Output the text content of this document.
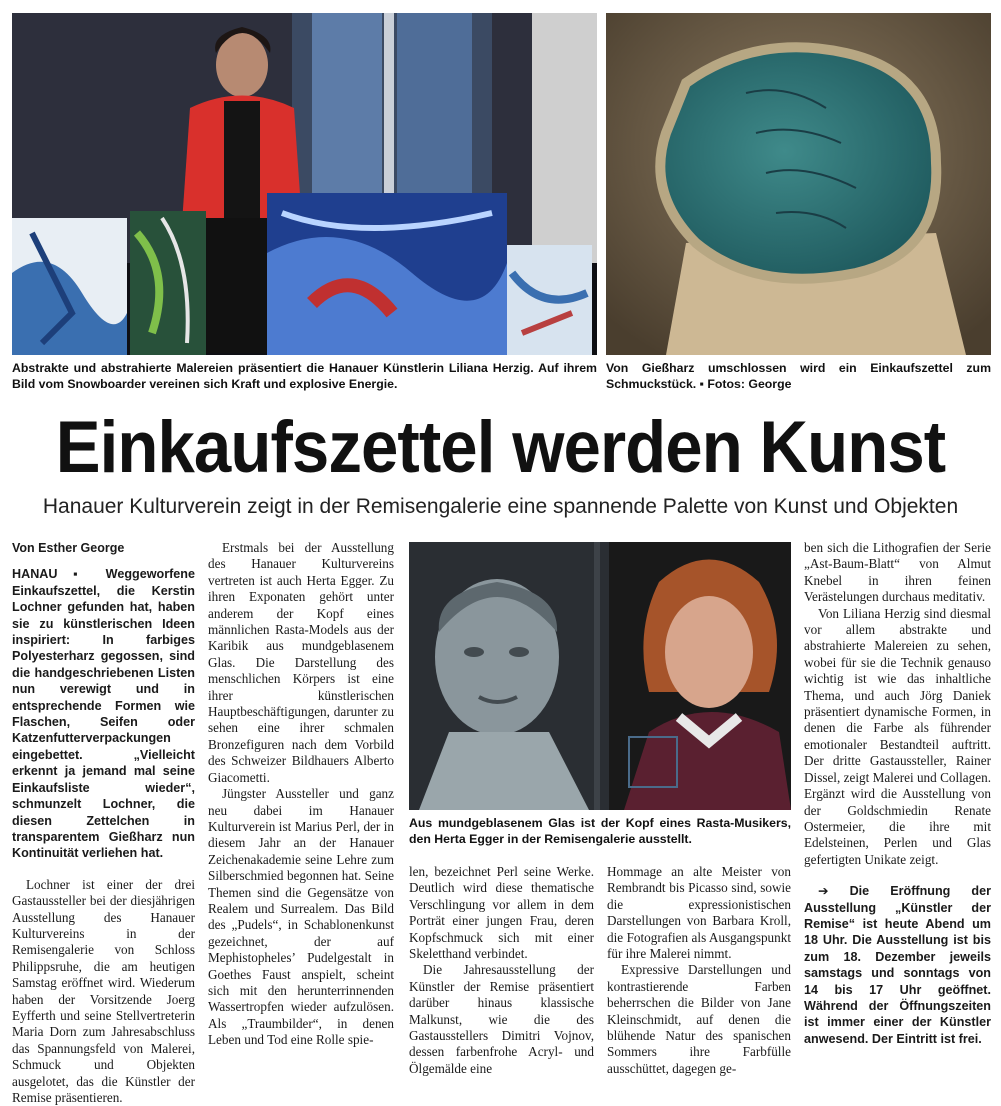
Abstrakte und abstrahierte Malereien präsentiert die Hanauer Künstlerin Liliana Herzig. Auf ihrem Bild vom Snowboarder vereinen sich Kraft und explosive Energie.
Von Gießharz umschlossen wird ein Einkaufszettel zum Schmuckstück. ▪ Fotos: George
Einkaufszettel werden Kunst
Hanauer Kulturverein zeigt in der Remisengalerie eine spannende Palette von Kunst und Objekten
Von Esther George

HANAU ▪ Weggeworfene Einkaufszettel, die Kerstin Lochner gefunden hat, haben sie zu künstlerischen Ideen inspiriert: In farbiges Polyesterharz gegossen, sind die handgeschriebenen Listen nun verewigt und in entsprechende Formen wie Flaschen, Seifen oder Katzenfutterverpackungen eingebettet. „Vielleicht erkennt ja jemand mal seine Einkaufsliste wieder“, schmunzelt Lochner, die diesen Zettelchen in transparentem Gießharz nun Kontinuität verliehen hat.

Lochner ist einer der drei Gastaussteller bei der diesjährigen Ausstellung des Hanauer Kulturvereins in der Remisengalerie von Schloss Philippsruhe, die am heutigen Samstag eröffnet wird. Wiederum haben der Vorsitzende Joerg Eyfferth und seine Stellvertreterin Maria Dorn zum Jahresabschluss das Spannungsfeld von Malerei, Schmuck und Objekten ausgelotet, das die Künstler der Remise präsentieren.

Erstmals bei der Ausstellung des Hanauer Kulturvereins vertreten ist auch Herta Egger. Zu ihren Exponaten gehört unter anderem der Kopf eines männlichen Rasta-Models aus der Karibik aus mundgeblasenem Glas. Die Darstellung des menschlichen Körpers ist eine ihrer künstlerischen Hauptbeschäftigungen, darunter zu sehen eine ihrer schmalen Bronzefiguren nach dem Vorbild des Schweizer Bildhauers Alberto Giacometti.

Jüngster Aussteller und ganz neu dabei im Hanauer Kulturverein ist Marius Perl, der in diesem Jahr an der Hanauer Zeichenakademie seine Lehre zum Silberschmied begonnen hat. Seine Themen sind die Gegensätze von Realem und Surrealem. Das Bild des „Pudels“, in Schablonenkunst gezeichnet, der auf Mephistopheles’ Pudelgestalt in Goethes Faust anspielt, scheint sich mit den herunterrinnenden Wassertropfen wieder aufzulösen. Als „Traumbilder“, in denen Leben und Tod eine Rolle spie-

Aus mundgeblasenem Glas ist der Kopf eines Rasta-Musikers, den Herta Egger in der Remisengalerie ausstellt.

len, bezeichnet Perl seine Werke. Deutlich wird diese thematische Verschlingung vor allem in dem Porträt einer jungen Frau, deren Kopfschmuck sich mit einer Skeletthand verbindet.

Die Jahresausstellung der Künstler der Remise präsentiert darüber hinaus klassische Malkunst, wie die des Gastausstellers Dimitri Vojnov, dessen farbenfrohe Acryl- und Ölgemälde eine

Hommage an alte Meister von Rembrandt bis Picasso sind, sowie die expressionistischen Darstellungen von Barbara Kroll, die Fotografien als Ausgangspunkt für ihre Malerei nimmt.

Expressive Darstellungen und kontrastierende Farben beherrschen die Bilder von Jane Kleinschmidt, auf denen die blühende Natur des spanischen Sommers ihre Farbfülle ausschüttet, dagegen ge-

ben sich die Lithografien der Serie „Ast-Baum-Blatt“ von Almut Knebel in ihren feinen Verästelungen durchaus meditativ.

Von Liliana Herzig sind diesmal vor allem abstrakte und abstrahierte Malereien zu sehen, wobei für sie die Technik genauso wichtig ist wie das inhaltliche Thema, und auch Jörg Daniek präsentiert dynamische Formen, in denen die Farbe als führender emotionaler Bestandteil auftritt. Der dritte Gastaussteller, Rainer Dissel, zeigt Malerei und Collagen. Ergänzt wird die Ausstellung von der Goldschmiedin Renate Ostermeier, die ihre mit Edelsteinen, Perlen und Glas gefertigten Unikate zeigt.

➔ Die Eröffnung der Ausstellung „Künstler der Remise“ ist heute Abend um 18 Uhr. Die Ausstellung ist bis zum 18. Dezember jeweils samstags und sonntags von 14 bis 17 Uhr geöffnet. Während der Öffnungszeiten ist immer einer der Künstler anwesend. Der Eintritt ist frei.
